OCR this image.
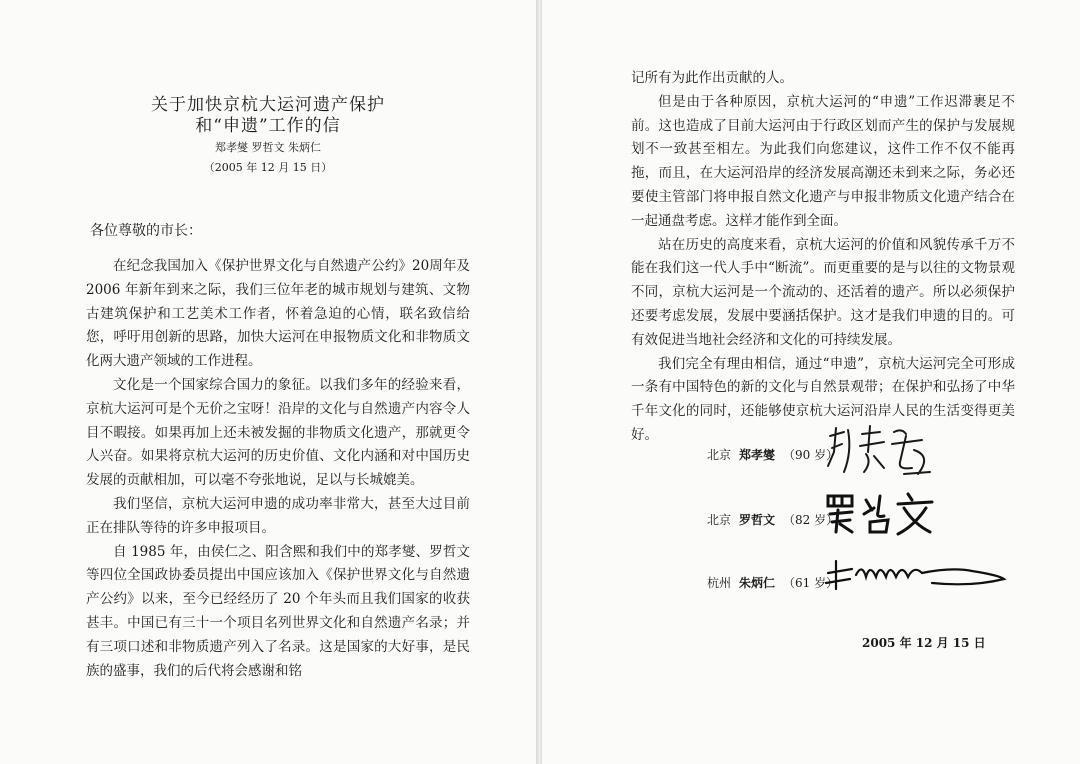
关于加快京杭大运河遗产保护
和“申遗”工作的信
郑孝燮 罗哲文 朱炳仁
（2005 年 12 月 15 日）
各位尊敬的市长：

在纪念我国加入《保护世界文化与自然遗产公约》20周年及 2006 年新年到来之际，我们三位年老的城市规划与建筑、文物古建筑保护和工艺美术工作者，怀着急迫的心情，联名致信给您，呼吁用创新的思路，加快大运河在申报物质文化和非物质文化两大遗产领域的工作进程。

文化是一个国家综合国力的象征。以我们多年的经验来看，京杭大运河可是个无价之宝呀！沿岸的文化与自然遗产内容令人目不暇接。如果再加上还未被发掘的非物质文化遗产，那就更令人兴奋。如果将京杭大运河的历史价值、文化内涵和对中国历史发展的贡献相加，可以毫不夸张地说，足以与长城媲美。

我们坚信，京杭大运河申遗的成功率非常大，甚至大过目前正在排队等待的许多申报项目。

自 1985 年，由侯仁之、阳含熙和我们中的郑孝燮、罗哲文等四位全国政协委员提出中国应该加入《保护世界文化与自然遗产公约》以来，至今已经经历了 20 个年头而且我们国家的收获甚丰。中国已有三十一个项目名列世界文化和自然遗产名录；并有三项口述和非物质遗产列入了名录。这是国家的大好事，是民族的盛事，我们的后代将会感谢和铭

记所有为此作出贡献的人。

但是由于各种原因，京杭大运河的“申遗”工作迟滞裹足不前。这也造成了目前大运河由于行政区划而产生的保护与发展规划不一致甚至相左。为此我们向您建议，这件工作不仅不能再拖，而且，在大运河沿岸的经济发展高潮还未到来之际，务必还要使主管部门将申报自然文化遗产与申报非物质文化遗产结合在一起通盘考虑。这样才能作到全面。

站在历史的高度来看，京杭大运河的价值和风貌传承千万不能在我们这一代人手中“断流”。而更重要的是与以往的文物景观不同，京杭大运河是一个流动的、还活着的遗产。所以必须保护还要考虑发展，发展中要涵括保护。这才是我们申遗的目的。可有效促进当地社会经济和文化的可持续发展。

我们完全有理由相信，通过“申遗”，京杭大运河完全可形成一条有中国特色的新的文化与自然景观带；在保护和弘扬了中华千年文化的同时，还能够使京杭大运河沿岸人民的生活变得更美好。

北京 郑孝燮 （90 岁）
北京 罗哲文 （82 岁）
杭州 朱炳仁 （61 岁）
2005 年 12 月 15 日
